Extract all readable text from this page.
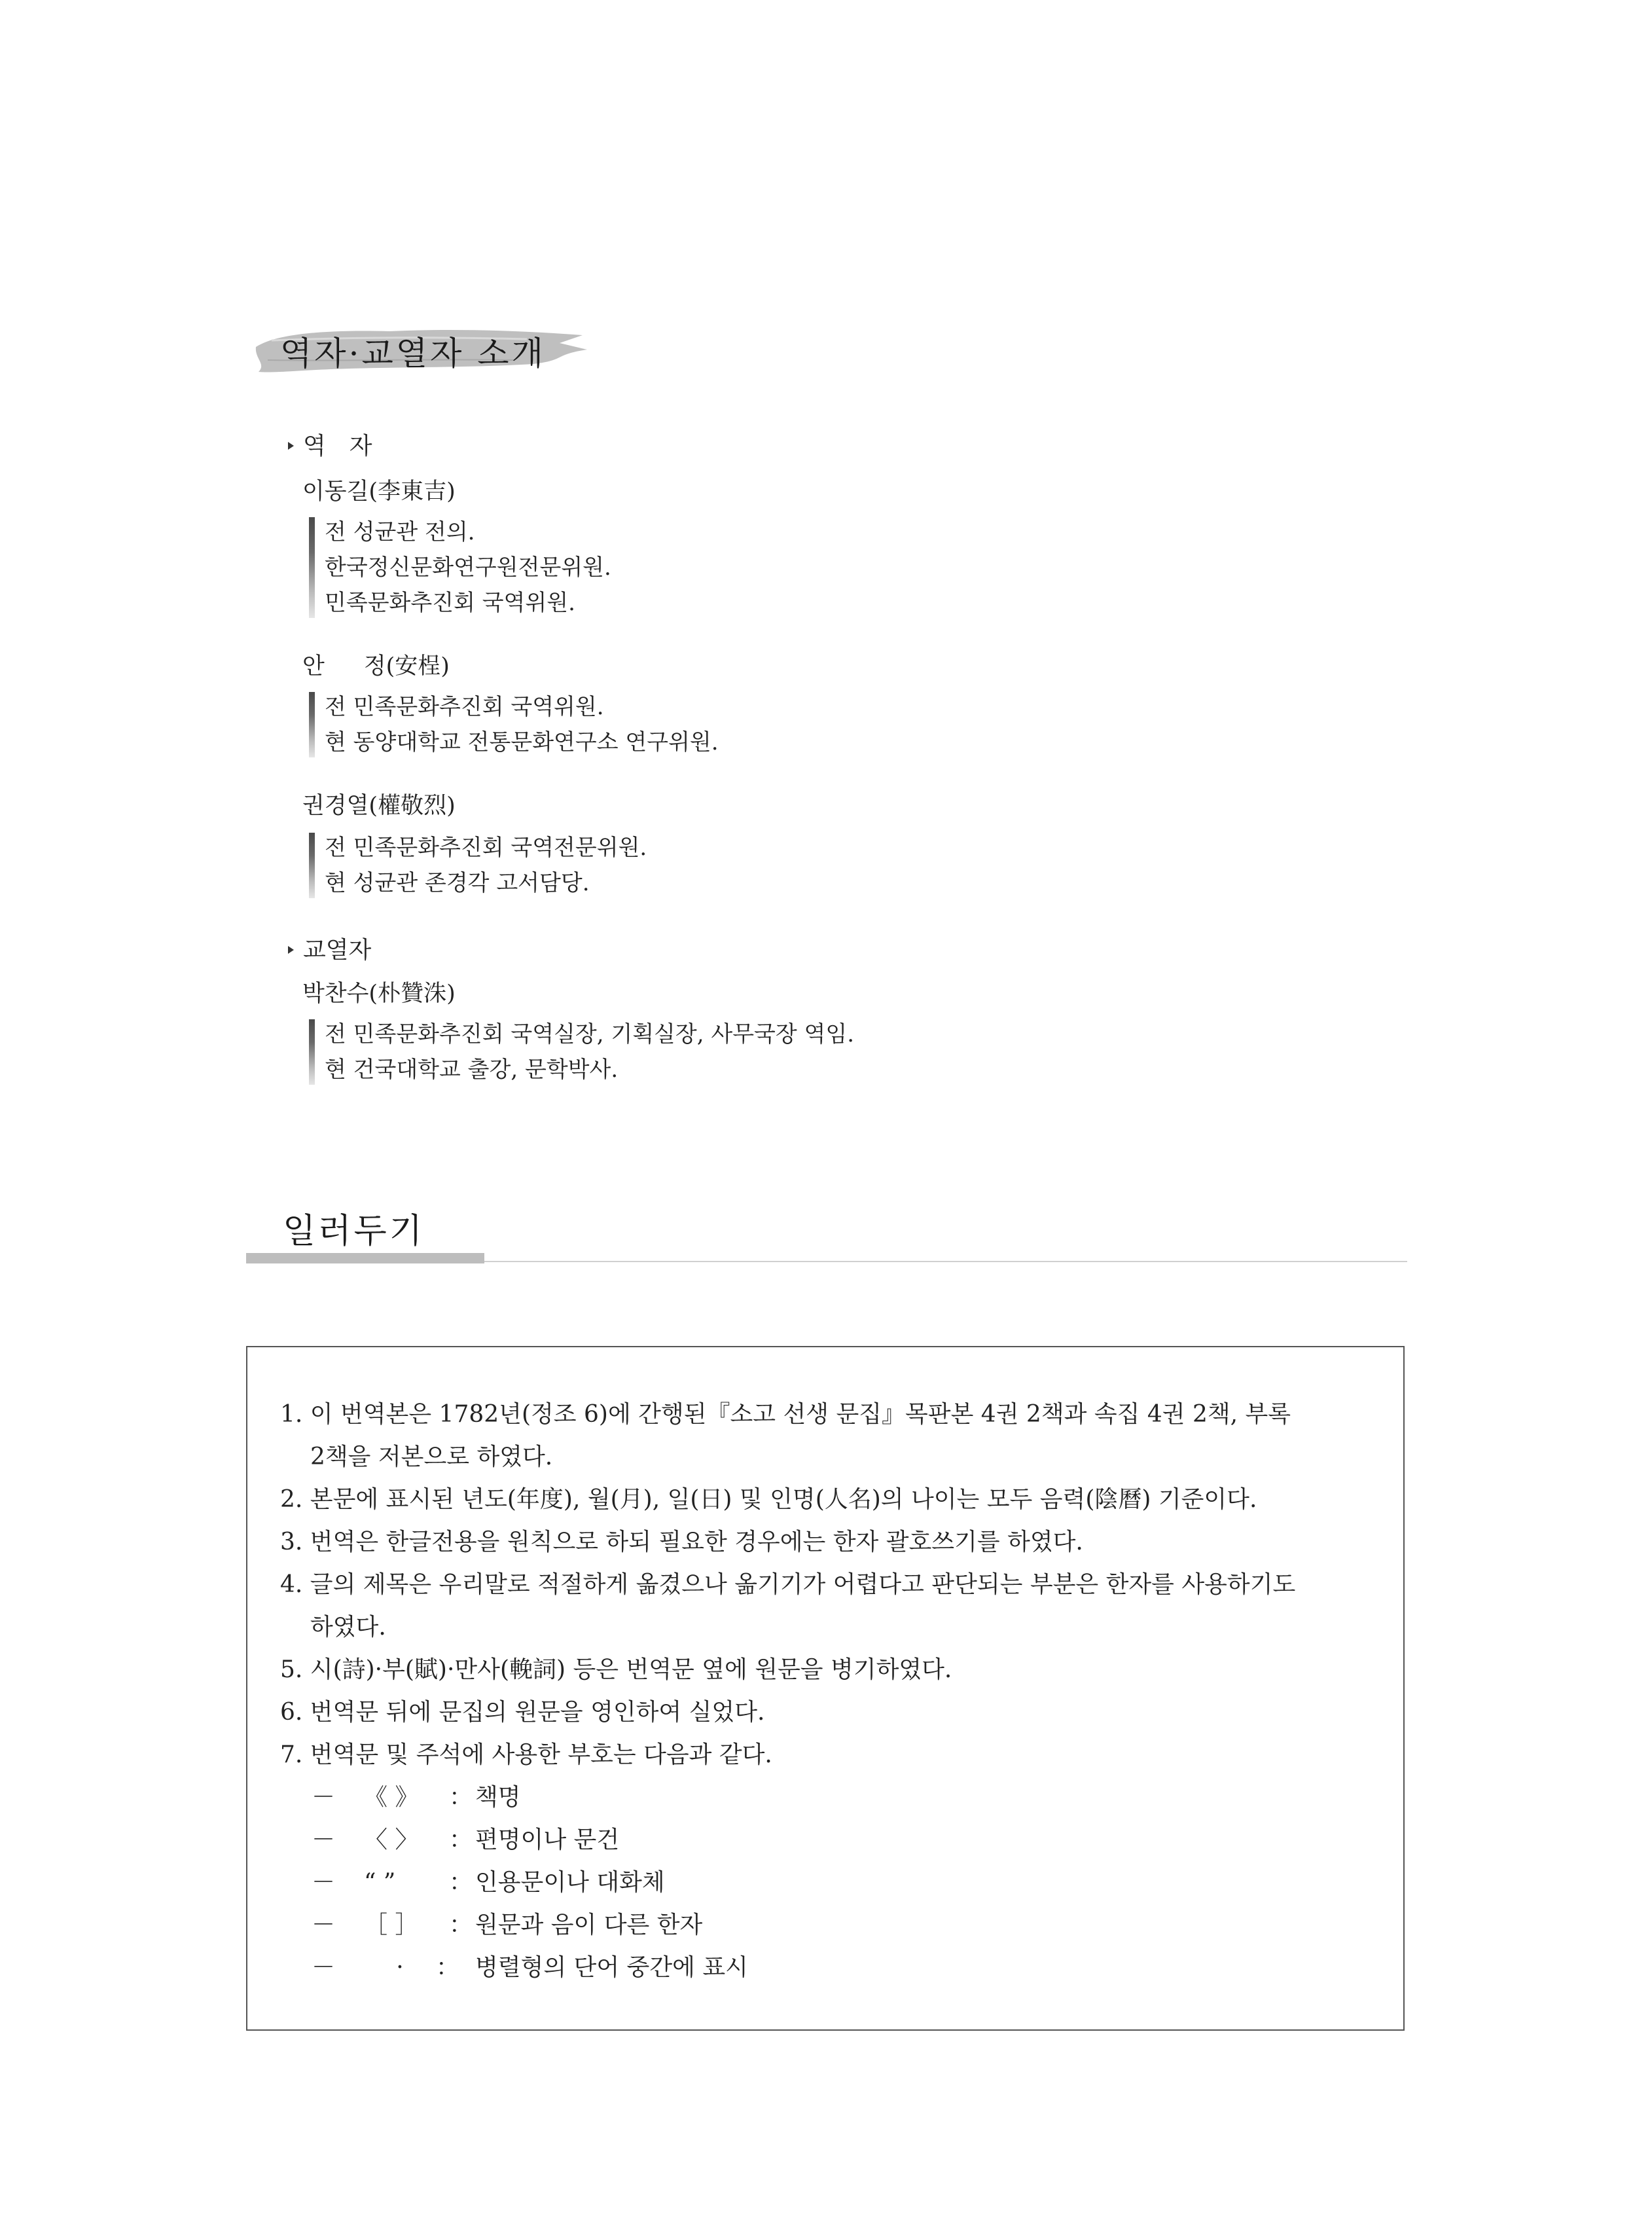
역자·교열자 소개
역　자
이동길(李東吉)
전 성균관 전의.
한국정신문화연구원전문위원.
민족문화추진회 국역위원.
안 정(安桯)
전 민족문화추진회 국역위원.
현 동양대학교 전통문화연구소 연구위원.
권경열(權敬烈)
전 민족문화추진회 국역전문위원.
현 성균관 존경각 고서담당.
교열자
박찬수(朴贊洙)
전 민족문화추진회 국역실장, 기획실장, 사무국장 역임.
현 건국대학교 출강, 문학박사.
일러두기
1. 이 번역본은 1782년(정조 6)에 간행된『소고 선생 문집』목판본 4권 2책과 속집 4권 2책, 부록
2책을 저본으로 하였다.
2. 본문에 표시된 년도(年度), 월(月), 일(日) 및 인명(人名)의 나이는 모두 음력(陰曆) 기준이다.
3. 번역은 한글전용을 원칙으로 하되 필요한 경우에는 한자 괄호쓰기를 하였다.
4. 글의 제목은 우리말로 적절하게 옮겼으나 옮기기가 어렵다고 판단되는 부분은 한자를 사용하기도
하였다.
5. 시(詩)·부(賦)·만사(輓詞) 등은 번역문 옆에 원문을 병기하였다.
6. 번역문 뒤에 문집의 원문을 영인하여 실었다.
7. 번역문 및 주석에 사용한 부호는 다음과 같다.
－ 《 》 ： 책명
－ 〈 〉 ： 편명이나 문건
－ “ ” ： 인용문이나 대화체
－ ［ ］ ： 원문과 음이 다른 한자
－	· ： 병렬형의 단어 중간에 표시
